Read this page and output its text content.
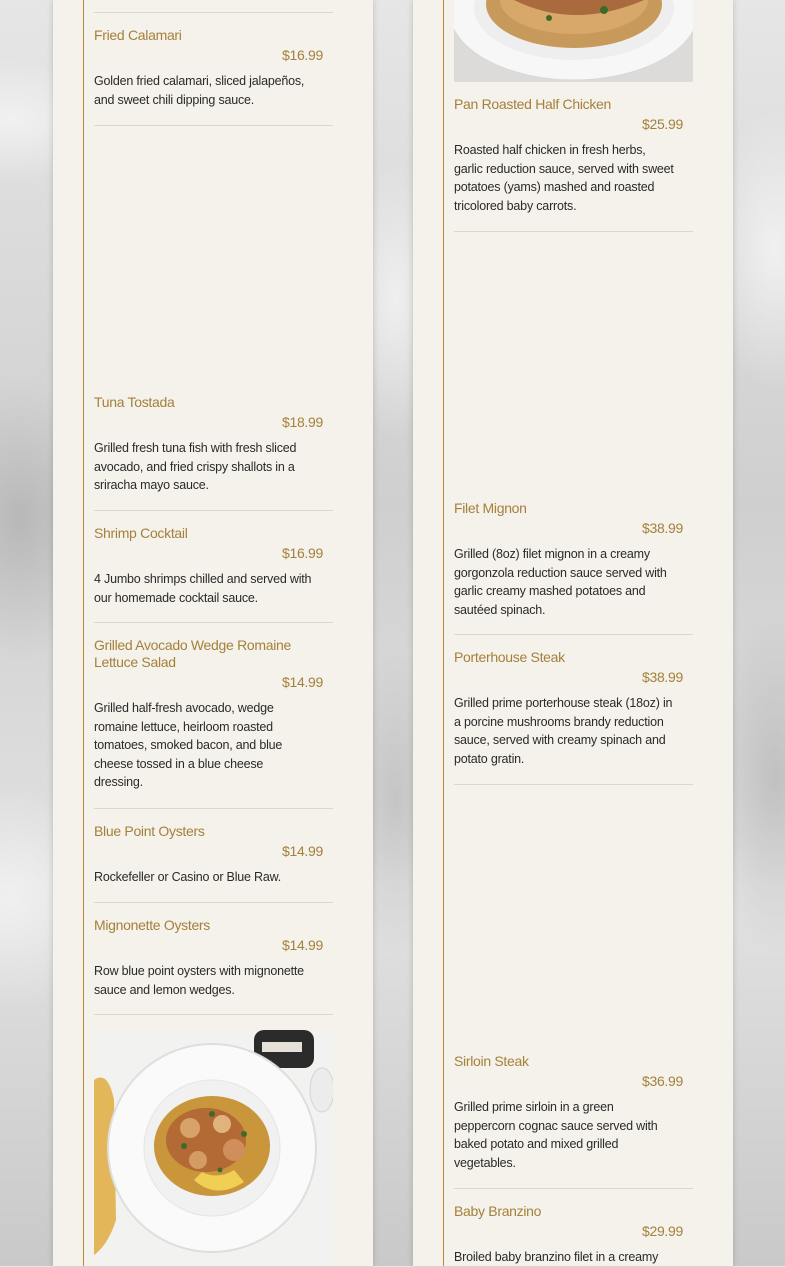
Fried Calamari
$16.99
Golden fried calamari, sliced jalapeños, and sweet chili dipping sauce.
Tuna Tostada
$18.99
Grilled fresh tuna fish with fresh sliced avocado, and fried crispy shallots in a sriracha mayo sauce.
Shrimp Cocktail
$16.99
4 Jumbo shrimps chilled and served with our homemade cocktail sauce.
Grilled Avocado Wedge Romaine Lettuce Salad
$14.99
Grilled half-fresh avocado, wedge romaine lettuce, heirloom roasted tomatoes, smoked bacon, and blue cheese tossed in a blue cheese dressing.
Blue Point Oysters
$14.99
Rockefeller or Casino or Blue Raw.
Mignonette Oysters
$14.99
Row blue point oysters with mignonette sauce and lemon wedges.
Pan Roasted Half Chicken
$25.99
Roasted half chicken in fresh herbs, garlic reduction sauce, served with sweet potatoes (yams) mashed and roasted tricolored baby carrots.
Filet Mignon
$38.99
Grilled (8oz) filet mignon in a creamy gorgonzola reduction sauce served with garlic creamy mashed potatoes and sautéed spinach.
Porterhouse Steak
$38.99
Grilled prime porterhouse steak (18oz) in a porcine mushrooms brandy reduction sauce, served with creamy spinach and potato gratin.
Sirloin Steak
$36.99
Grilled prime sirloin in a green peppercorn cognac sauce served with baked potato and mixed grilled vegetables.
Baby Branzino
$29.99
Broiled baby branzino filet in a creamy
